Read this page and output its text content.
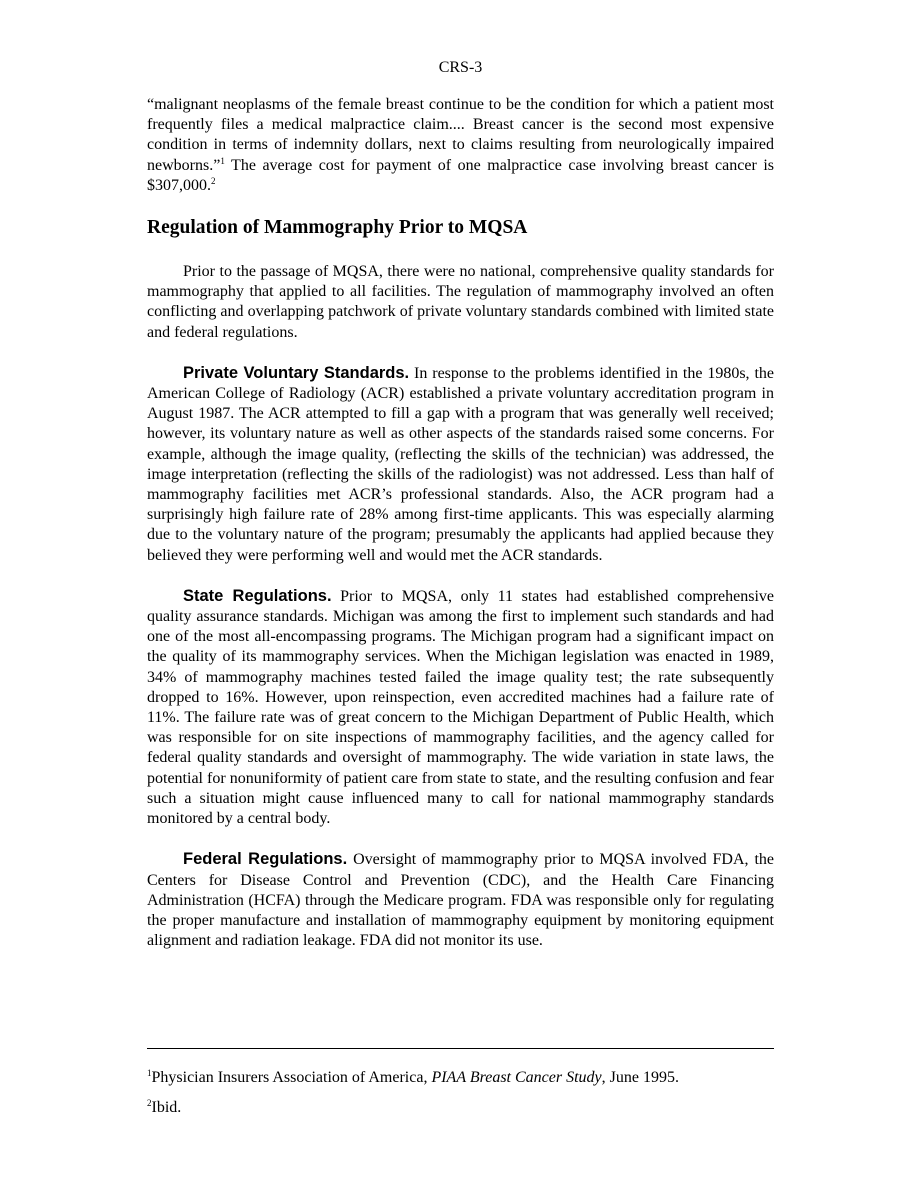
CRS-3

“malignant neoplasms of the female breast continue to be the condition for which a patient most frequently files a medical malpractice claim.... Breast cancer is the second most expensive condition in terms of indemnity dollars, next to claims resulting from neurologically impaired newborns.”$^1$ The average cost for payment of one malpractice case involving breast cancer is $307,000.$^2$

Regulation of Mammography Prior to MQSA

Prior to the passage of MQSA, there were no national, comprehensive quality standards for mammography that applied to all facilities. The regulation of mammography involved an often conflicting and overlapping patchwork of private voluntary standards combined with limited state and federal regulations.

Private Voluntary Standards. In response to the problems identified in the 1980s, the American College of Radiology (ACR) established a private voluntary accreditation program in August 1987. The ACR attempted to fill a gap with a program that was generally well received; however, its voluntary nature as well as other aspects of the standards raised some concerns. For example, although the image quality, (reflecting the skills of the technician) was addressed, the image interpretation (reflecting the skills of the radiologist) was not addressed. Less than half of mammography facilities met ACR’s professional standards. Also, the ACR program had a surprisingly high failure rate of 28% among first-time applicants. This was especially alarming due to the voluntary nature of the program; presumably the applicants had applied because they believed they were performing well and would met the ACR standards.

State Regulations. Prior to MQSA, only 11 states had established comprehensive quality assurance standards. Michigan was among the first to implement such standards and had one of the most all-encompassing programs. The Michigan program had a significant impact on the quality of its mammography services. When the Michigan legislation was enacted in 1989, 34% of mammography machines tested failed the image quality test; the rate subsequently dropped to 16%. However, upon reinspection, even accredited machines had a failure rate of 11%. The failure rate was of great concern to the Michigan Department of Public Health, which was responsible for on site inspections of mammography facilities, and the agency called for federal quality standards and oversight of mammography. The wide variation in state laws, the potential for nonuniformity of patient care from state to state, and the resulting confusion and fear such a situation might cause influenced many to call for national mammography standards monitored by a central body.

Federal Regulations. Oversight of mammography prior to MQSA involved FDA, the Centers for Disease Control and Prevention (CDC), and the Health Care Financing Administration (HCFA) through the Medicare program. FDA was responsible only for regulating the proper manufacture and installation of mammography equipment by monitoring equipment alignment and radiation leakage. FDA did not monitor its use.

$^1$Physician Insurers Association of America, PIAA Breast Cancer Study, June 1995.

$^2$Ibid.
